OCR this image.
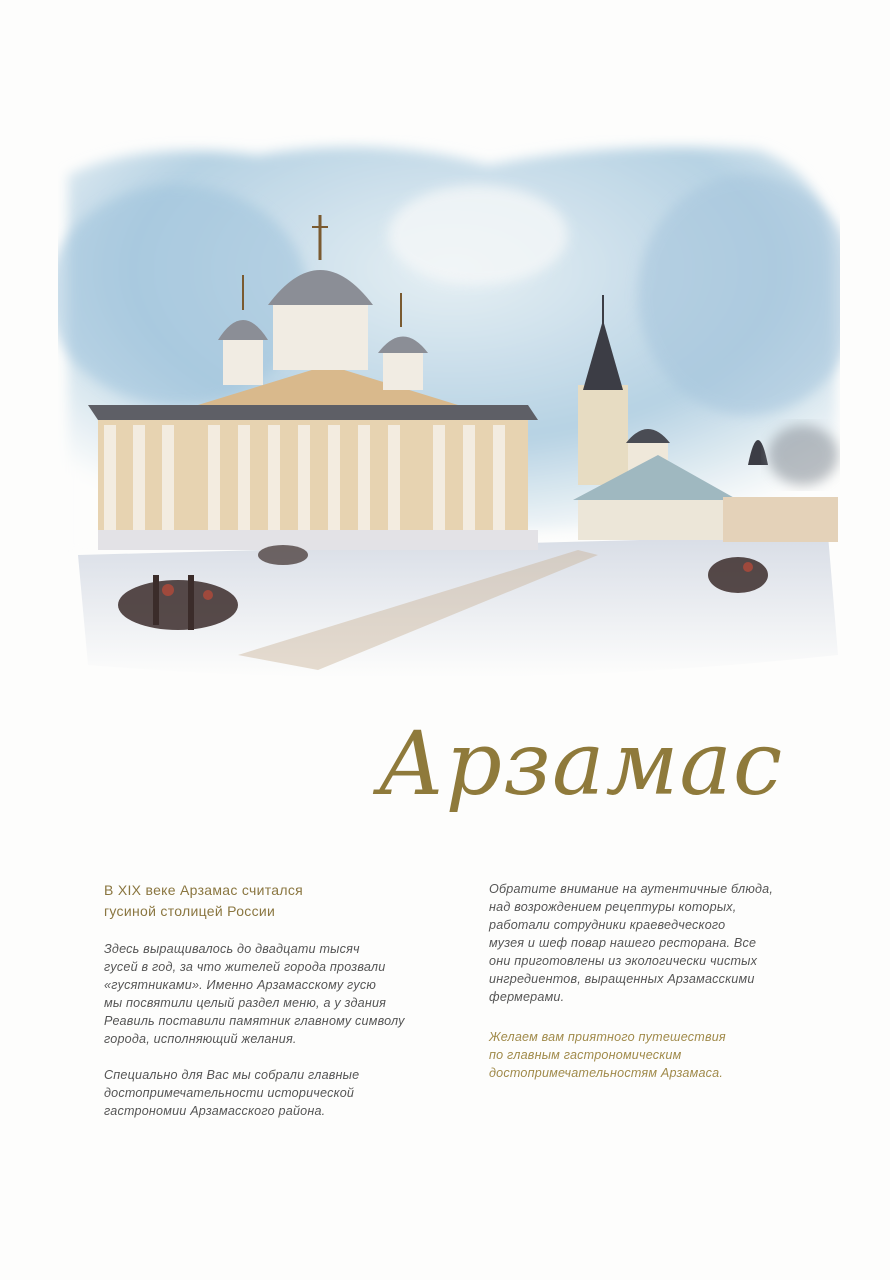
Арзамас
В XIX веке Арзамас считался
гусиной столицей России
Здесь выращивалось до двадцати тысяч
гусей в год, за что жителей города прозвали
«гусятниками». Именно Арзамасскому гусю
мы посвятили целый раздел меню, а у здания
Реавиль поставили памятник главному символу
города, исполняющий желания.
Специально для Вас мы собрали главные
достопримечательности исторической
гастрономии Арзамасского района.
Обратите внимание на аутентичные блюда,
над возрождением рецептуры которых,
работали сотрудники краеведческого
музея и шеф повар нашего ресторана. Все
они приготовлены из экологически чистых
ингредиентов, выращенных Арзамасскими
фермерами.
Желаем вам приятного путешествия
по главным гастрономическим
достопримечательностям Арзамаса.
